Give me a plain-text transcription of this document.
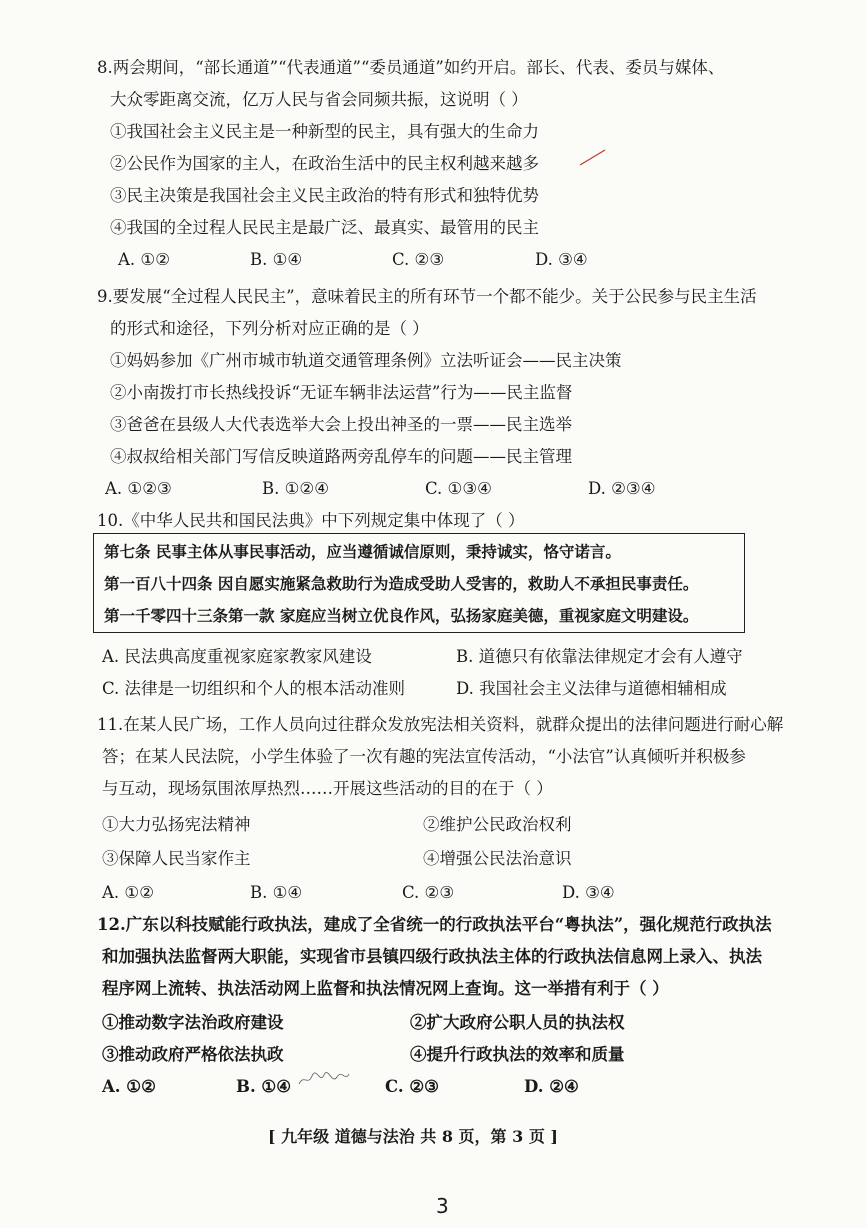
8.两会期间，“部长通道”“代表通道”“委员通道”如约开启。部长、代表、委员与媒体、
大众零距离交流，亿万人民与省会同频共振，这说明（ ）
①我国社会主义民主是一种新型的民主，具有强大的生命力
②公民作为国家的主人，在政治生活中的民主权利越来越多
③民主决策是我国社会主义民主政治的特有形式和独特优势
④我国的全过程人民民主是最广泛、最真实、最管用的民主
A. ①②	B. ①④	C. ②③	D. ③④
9.要发展“全过程人民民主”，意味着民主的所有环节一个都不能少。关于公民参与民主生活
的形式和途径，下列分析对应正确的是（ ）
①妈妈参加《广州市城市轨道交通管理条例》立法听证会——民主决策
②小南拨打市长热线投诉“无证车辆非法运营”行为——民主监督
③爸爸在县级人大代表选举大会上投出神圣的一票——民主选举
④叔叔给相关部门写信反映道路两旁乱停车的问题——民主管理
A. ①②③	B. ①②④	C. ①③④	D. ②③④
10.《中华人民共和国民法典》中下列规定集中体现了（ ）
第七条 民事主体从事民事活动，应当遵循诚信原则，秉持诚实，恪守诺言。
第一百八十四条 因自愿实施紧急救助行为造成受助人受害的，救助人不承担民事责任。
第一千零四十三条第一款 家庭应当树立优良作风，弘扬家庭美德，重视家庭文明建设。
A. 民法典高度重视家庭家教家风建设	B. 道德只有依靠法律规定才会有人遵守
C. 法律是一切组织和个人的根本活动准则	D. 我国社会主义法律与道德相辅相成
11.在某人民广场，工作人员向过往群众发放宪法相关资料，就群众提出的法律问题进行耐心解
答；在某人民法院，小学生体验了一次有趣的宪法宣传活动，“小法官”认真倾听并积极参
与互动，现场氛围浓厚热烈……开展这些活动的目的在于（ ）
①大力弘扬宪法精神	②维护公民政治权利
③保障人民当家作主	④增强公民法治意识
A. ①②	B. ①④	C. ②③	D. ③④
12.广东以科技赋能行政执法，建成了全省统一的行政执法平台“粤执法”，强化规范行政执法
和加强执法监督两大职能，实现省市县镇四级行政执法主体的行政执法信息网上录入、执法
程序网上流转、执法活动网上监督和执法情况网上查询。这一举措有利于（ ）
①推动数字法治政府建设	②扩大政府公职人员的执法权
③推动政府严格依法执政	④提升行政执法的效率和质量
A. ①②	B. ①④	C. ②③	D. ②④
[ 九年级 道德与法治 共 8 页，第 3 页 ]
3
